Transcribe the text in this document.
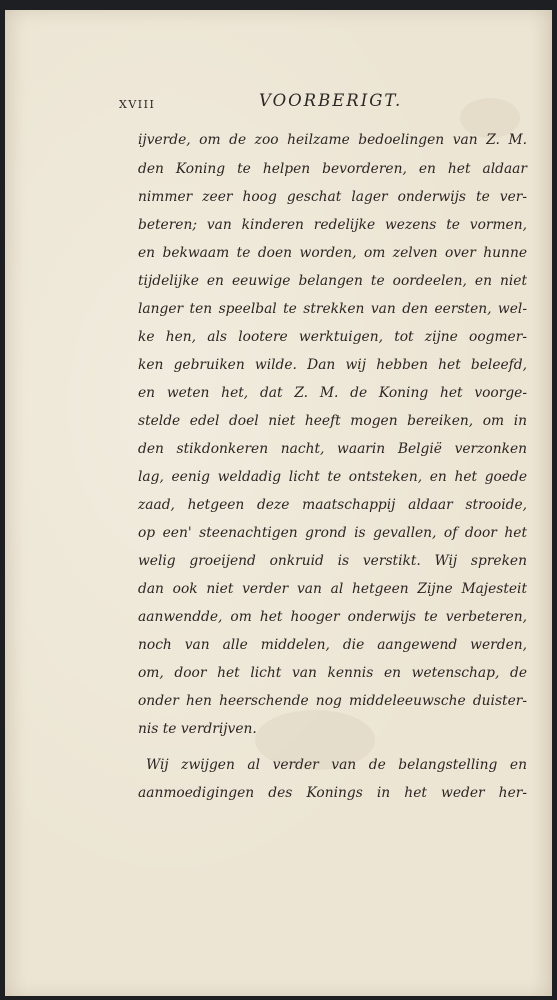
XVIII	VOORBERIGT.
ijverde, om de zoo heilzame bedoelingen van Z. M.
den Koning te helpen bevorderen, en het aldaar
nimmer zeer hoog geschat lager onderwijs te ver-
beteren; van kinderen redelijke wezens te vormen,
en bekwaam te doen worden, om zelven over hunne
tijdelijke en eeuwige belangen te oordeelen, en niet
langer ten speelbal te strekken van den eersten, wel-
ke hen, als lootere werktuigen, tot zijne oogmer-
ken gebruiken wilde. Dan wij hebben het beleefd,
en weten het, dat Z. M. de Koning het voorge-
stelde edel doel niet heeft mogen bereiken, om in
den stikdonkeren nacht, waarin België verzonken
lag, eenig weldadig licht te ontsteken, en het goede
zaad, hetgeen deze maatschappij aldaar strooide,
op een' steenachtigen grond is gevallen, of door het
welig groeijend onkruid is verstikt. Wij spreken
dan ook niet verder van al hetgeen Zijne Majesteit
aanwendde, om het hooger onderwijs te verbeteren,
noch van alle middelen, die aangewend werden,
om, door het licht van kennis en wetenschap, de
onder hen heerschende nog middeleeuwsche duister-
nis te verdrijven.
Wij zwijgen al verder van de belangstelling en
aanmoedigingen des Konings in het weder her-
